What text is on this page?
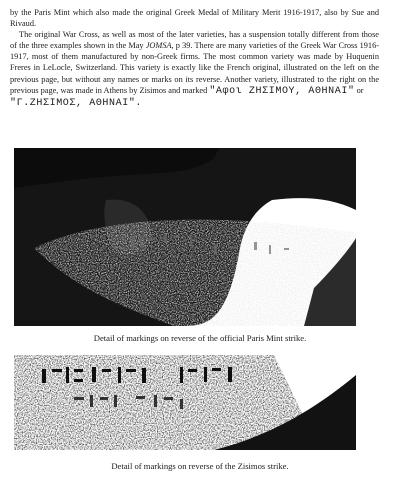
by the Paris Mint which also made the original Greek Medal of Military Merit 1916-1917, also by Sue and Rivaud.

The original War Cross, as well as most of the later varieties, has a suspension totally different from those of the three examples shown in the May JOMSA, p 39. There are many varieties of the Greek War Cross 1916-1917, most of them manufactured by non-Greek firms. The most common variety was made by Huquenin Freres in LeLocle, Switzerland. This variety is exactly like the French original, illustrated on the left on the previous page, but without any names or marks on its reverse. Another variety, illustrated to the right on the previous page, was made in Athens by Zisimos and marked "Αφοι ΖΗΣΙΜΟΥ, ΑΘΗΝΑΙ" or
"Γ.ΖΗΣΙΜΟΣ, ΑΘΗΝΑΙ".

Detail of markings on reverse of the official Paris Mint strike.
Detail of markings on reverse of the Zisimos strike.
